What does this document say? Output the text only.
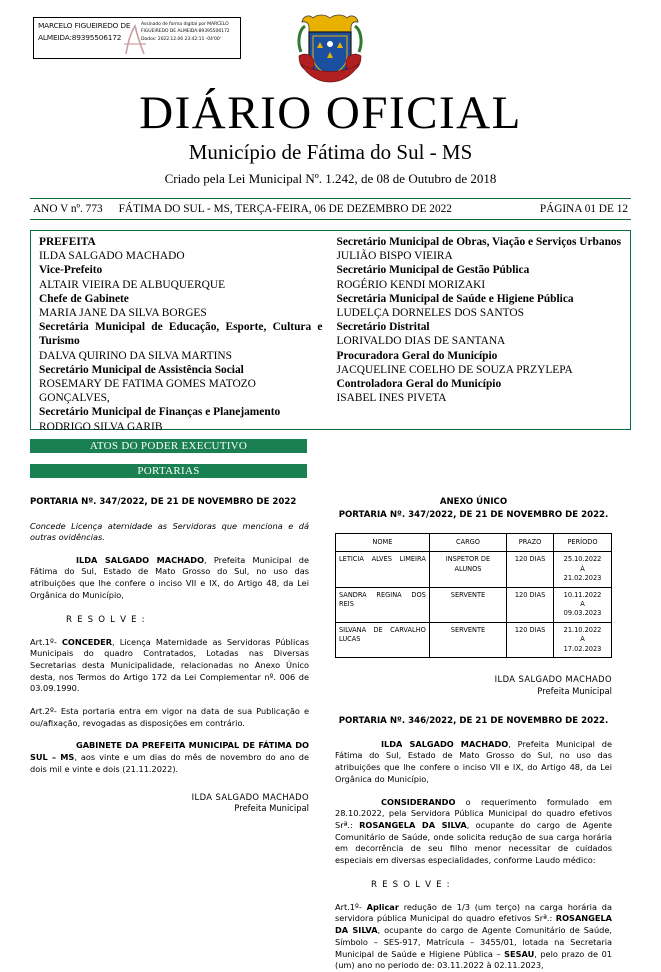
MARCELO FIGUEIREDO DE ALMEIDA:89395506172
Assinado de forma digital por MARCELO FIGUEIREDO DE ALMEIDA:89395506172 Dados: 2022.12.06 23:42:11 -04'00'
DIÁRIO OFICIAL
Município de Fátima do Sul - MS
Criado pela Lei Municipal Nº. 1.242, de 08 de Outubro de 2018
ANO V nº. 773 FÁTIMA DO SUL - MS, TERÇA-FEIRA, 06 DE DEZEMBRO DE 2022	PÁGINA 01 DE 12
PREFEITA
ILDA SALGADO MACHADO
Vice-Prefeito
ALTAIR VIEIRA DE ALBUQUERQUE
Chefe de Gabinete
MARIA JANE DA SILVA BORGES
Secretária Municipal de Educação, Esporte, Cultura e Turismo
DALVA QUIRINO DA SILVA MARTINS
Secretário Municipal de Assistência Social
ROSEMARY DE FATIMA GOMES MATOZO GONÇALVES,
Secretário Municipal de Finanças e Planejamento
RODRIGO SILVA GARIB
Secretário Municipal de Obras, Viação e Serviços Urbanos
JULIÃO BISPO VIEIRA
Secretário Municipal de Gestão Pública
ROGÉRIO KENDI MORIZAKI
Secretária Municipal de Saúde e Higiene Pública
LUDELÇA DORNELES DOS SANTOS
Secretário Distrital
LORIVALDO DIAS DE SANTANA
Procuradora Geral do Município
JACQUELINE COELHO DE SOUZA PRZYLEPA
Controladora Geral do Município
ISABEL INES PIVETA
ATOS DO PODER EXECUTIVO
PORTARIAS
PORTARIA Nº. 347/2022, DE 21 DE NOVEMBRO DE 2022
Concede Licença aternidade as Servidoras que menciona e dá outras ovidências.
ILDA SALGADO MACHADO, Prefeita Municipal de Fátima do Sul, Estado de Mato Grosso do Sul, no uso das atribuições que lhe confere o inciso VII e IX, do Artigo 48, da Lei Orgânica do Município,
R E S O L V E :
Art.1º- CONCEDER, Licença Maternidade as Servidoras Públicas Municipais do quadro Contratados, Lotadas nas Diversas Secretarias desta Municipalidade, relacionadas no Anexo Único desta, nos Termos do Artigo 172 da Lei Complementar nº. 006 de 03.09.1990.
Art.2º- Esta portaria entra em vigor na data de sua Publicação e ou/afixação, revogadas as disposições em contrário.
GABINETE DA PREFEITA MUNICIPAL DE FÁTIMA DO SUL – MS, aos vinte e um dias do mês de novembro do ano de dois mil e vinte e dois (21.11.2022).
ILDA SALGADO MACHADO
Prefeita Municipal
ANEXO ÚNICO
PORTARIA Nº. 347/2022, DE 21 DE NOVEMBRO DE 2022.
NOME	CARGO	PRAZO	PERÍODO
LETICIA ALVES LIMEIRA	INSPETOR DE ALUNOS	120 DIAS	25.10.2022
À
21.02.2023

SANDRA REGINA DOS REIS	SERVENTE	120 DIAS	10.11.2022
A
09.03.2023

SILVANA DE CARVALHO LUCAS	SERVENTE	120 DIAS	21.10.2022
A
17.02.2023
ILDA SALGADO MACHADO
Prefeita Municipal
PORTARIA Nº. 346/2022, DE 21 DE NOVEMBRO DE 2022.
ILDA SALGADO MACHADO, Prefeita Municipal de Fátima do Sul, Estado de Mato Grosso do Sul, no uso das atribuições que lhe confere o inciso VII e IX, do Artigo 48, da Lei Orgânica do Município,
CONSIDERANDO o requerimento formulado em 28.10.2022, pela Servidora Pública Municipal do quadro efetivos Srª.: ROSANGELA DA SILVA, ocupante do cargo de Agente Comunitário de Saúde, onde solicita redução de sua carga horária em decorrência de seu filho menor necessitar de cuidados especiais em diversas especialidades, conforme Laudo médico:
R E S O L V E :
Art.1º- Aplicar redução de 1/3 (um terço) na carga horária da servidora pública Municipal do quadro efetivos Srª.: ROSANGELA DA SILVA, ocupante do cargo de Agente Comunitário de Saúde, Símbolo – SES-917, Matrícula – 3455/01, lotada na Secretaria Municipal de Saúde e Higiene Pública – SESAU, pelo prazo de 01 (um) ano no periodo de: 03.11.2022 à 02.11.2023,
